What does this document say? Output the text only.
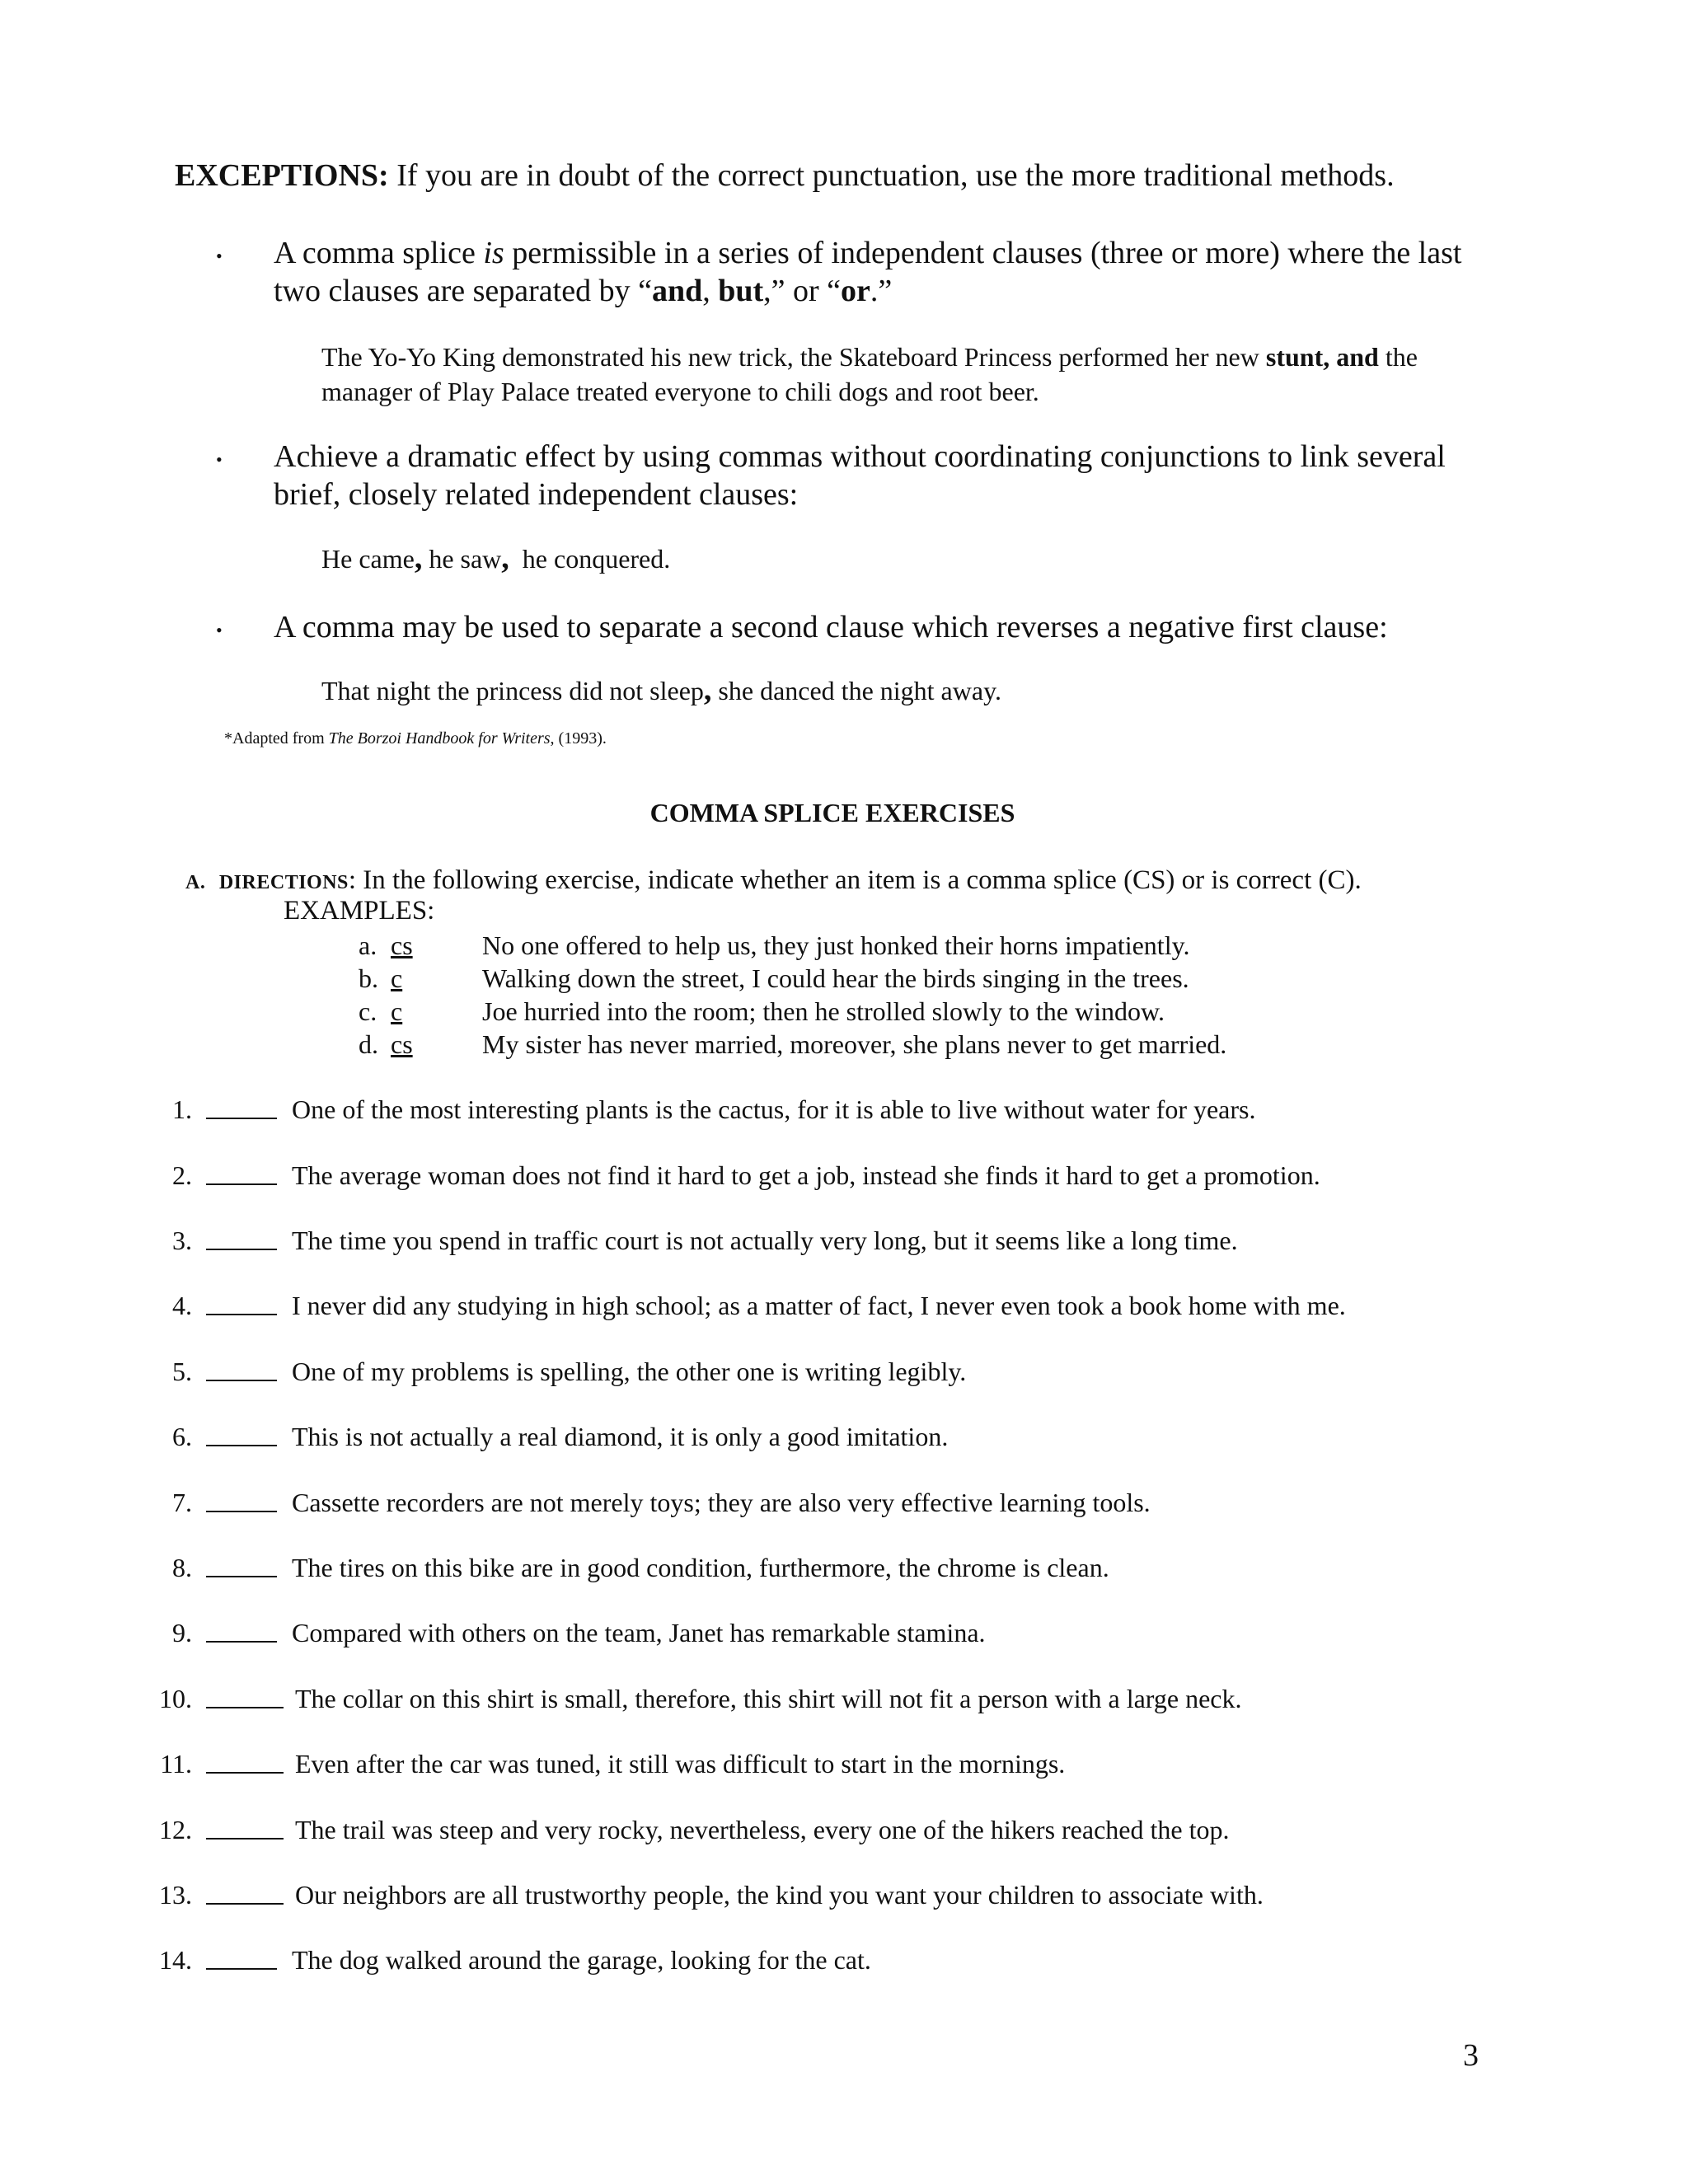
EXCEPTIONS: If you are in doubt of the correct punctuation, use the more traditional methods.
• A comma splice is permissible in a series of independent clauses (three or more) where the last
two clauses are separated by “and, but,” or “or.”
The Yo-Yo King demonstrated his new trick, the Skateboard Princess performed her new stunt, and the
manager of Play Palace treated everyone to chili dogs and root beer.
• Achieve a dramatic effect by using commas without coordinating conjunctions to link several
brief, closely related independent clauses:
He came, he saw,  he conquered.
• A comma may be used to separate a second clause which reverses a negative first clause:
That night the princess did not sleep, she danced the night away.
*Adapted from The Borzoi Handbook for Writers, (1993).
COMMA SPLICE EXERCISES
A. DIRECTIONS: In the following exercise, indicate whether an item is a comma splice (CS) or is correct (C).
EXAMPLES:
a. cs	No one offered to help us, they just honked their horns impatiently.
b. c	Walking down the street, I could hear the birds singing in the trees.
c. c	Joe hurried into the room; then he strolled slowly to the window.
d. cs	My sister has never married, moreover, she plans never to get married.
1.	One of the most interesting plants is the cactus, for it is able to live without water for years.
2.	The average woman does not find it hard to get a job, instead she finds it hard to get a promotion.
3.	The time you spend in traffic court is not actually very long, but it seems like a long time.
4.	I never did any studying in high school; as a matter of fact, I never even took a book home with me.
5.	One of my problems is spelling, the other one is writing legibly.
6.	This is not actually a real diamond, it is only a good imitation.
7.	Cassette recorders are not merely toys; they are also very effective learning tools.
8.	The tires on this bike are in good condition, furthermore, the chrome is clean.
9.	Compared with others on the team, Janet has remarkable stamina.
10.	The collar on this shirt is small, therefore, this shirt will not fit a person with a large neck.
11.	Even after the car was tuned, it still was difficult to start in the mornings.
12.	The trail was steep and very rocky, nevertheless, every one of the hikers reached the top.
13.	Our neighbors are all trustworthy people, the kind you want your children to associate with.
14.	The dog walked around the garage, looking for the cat.
3
